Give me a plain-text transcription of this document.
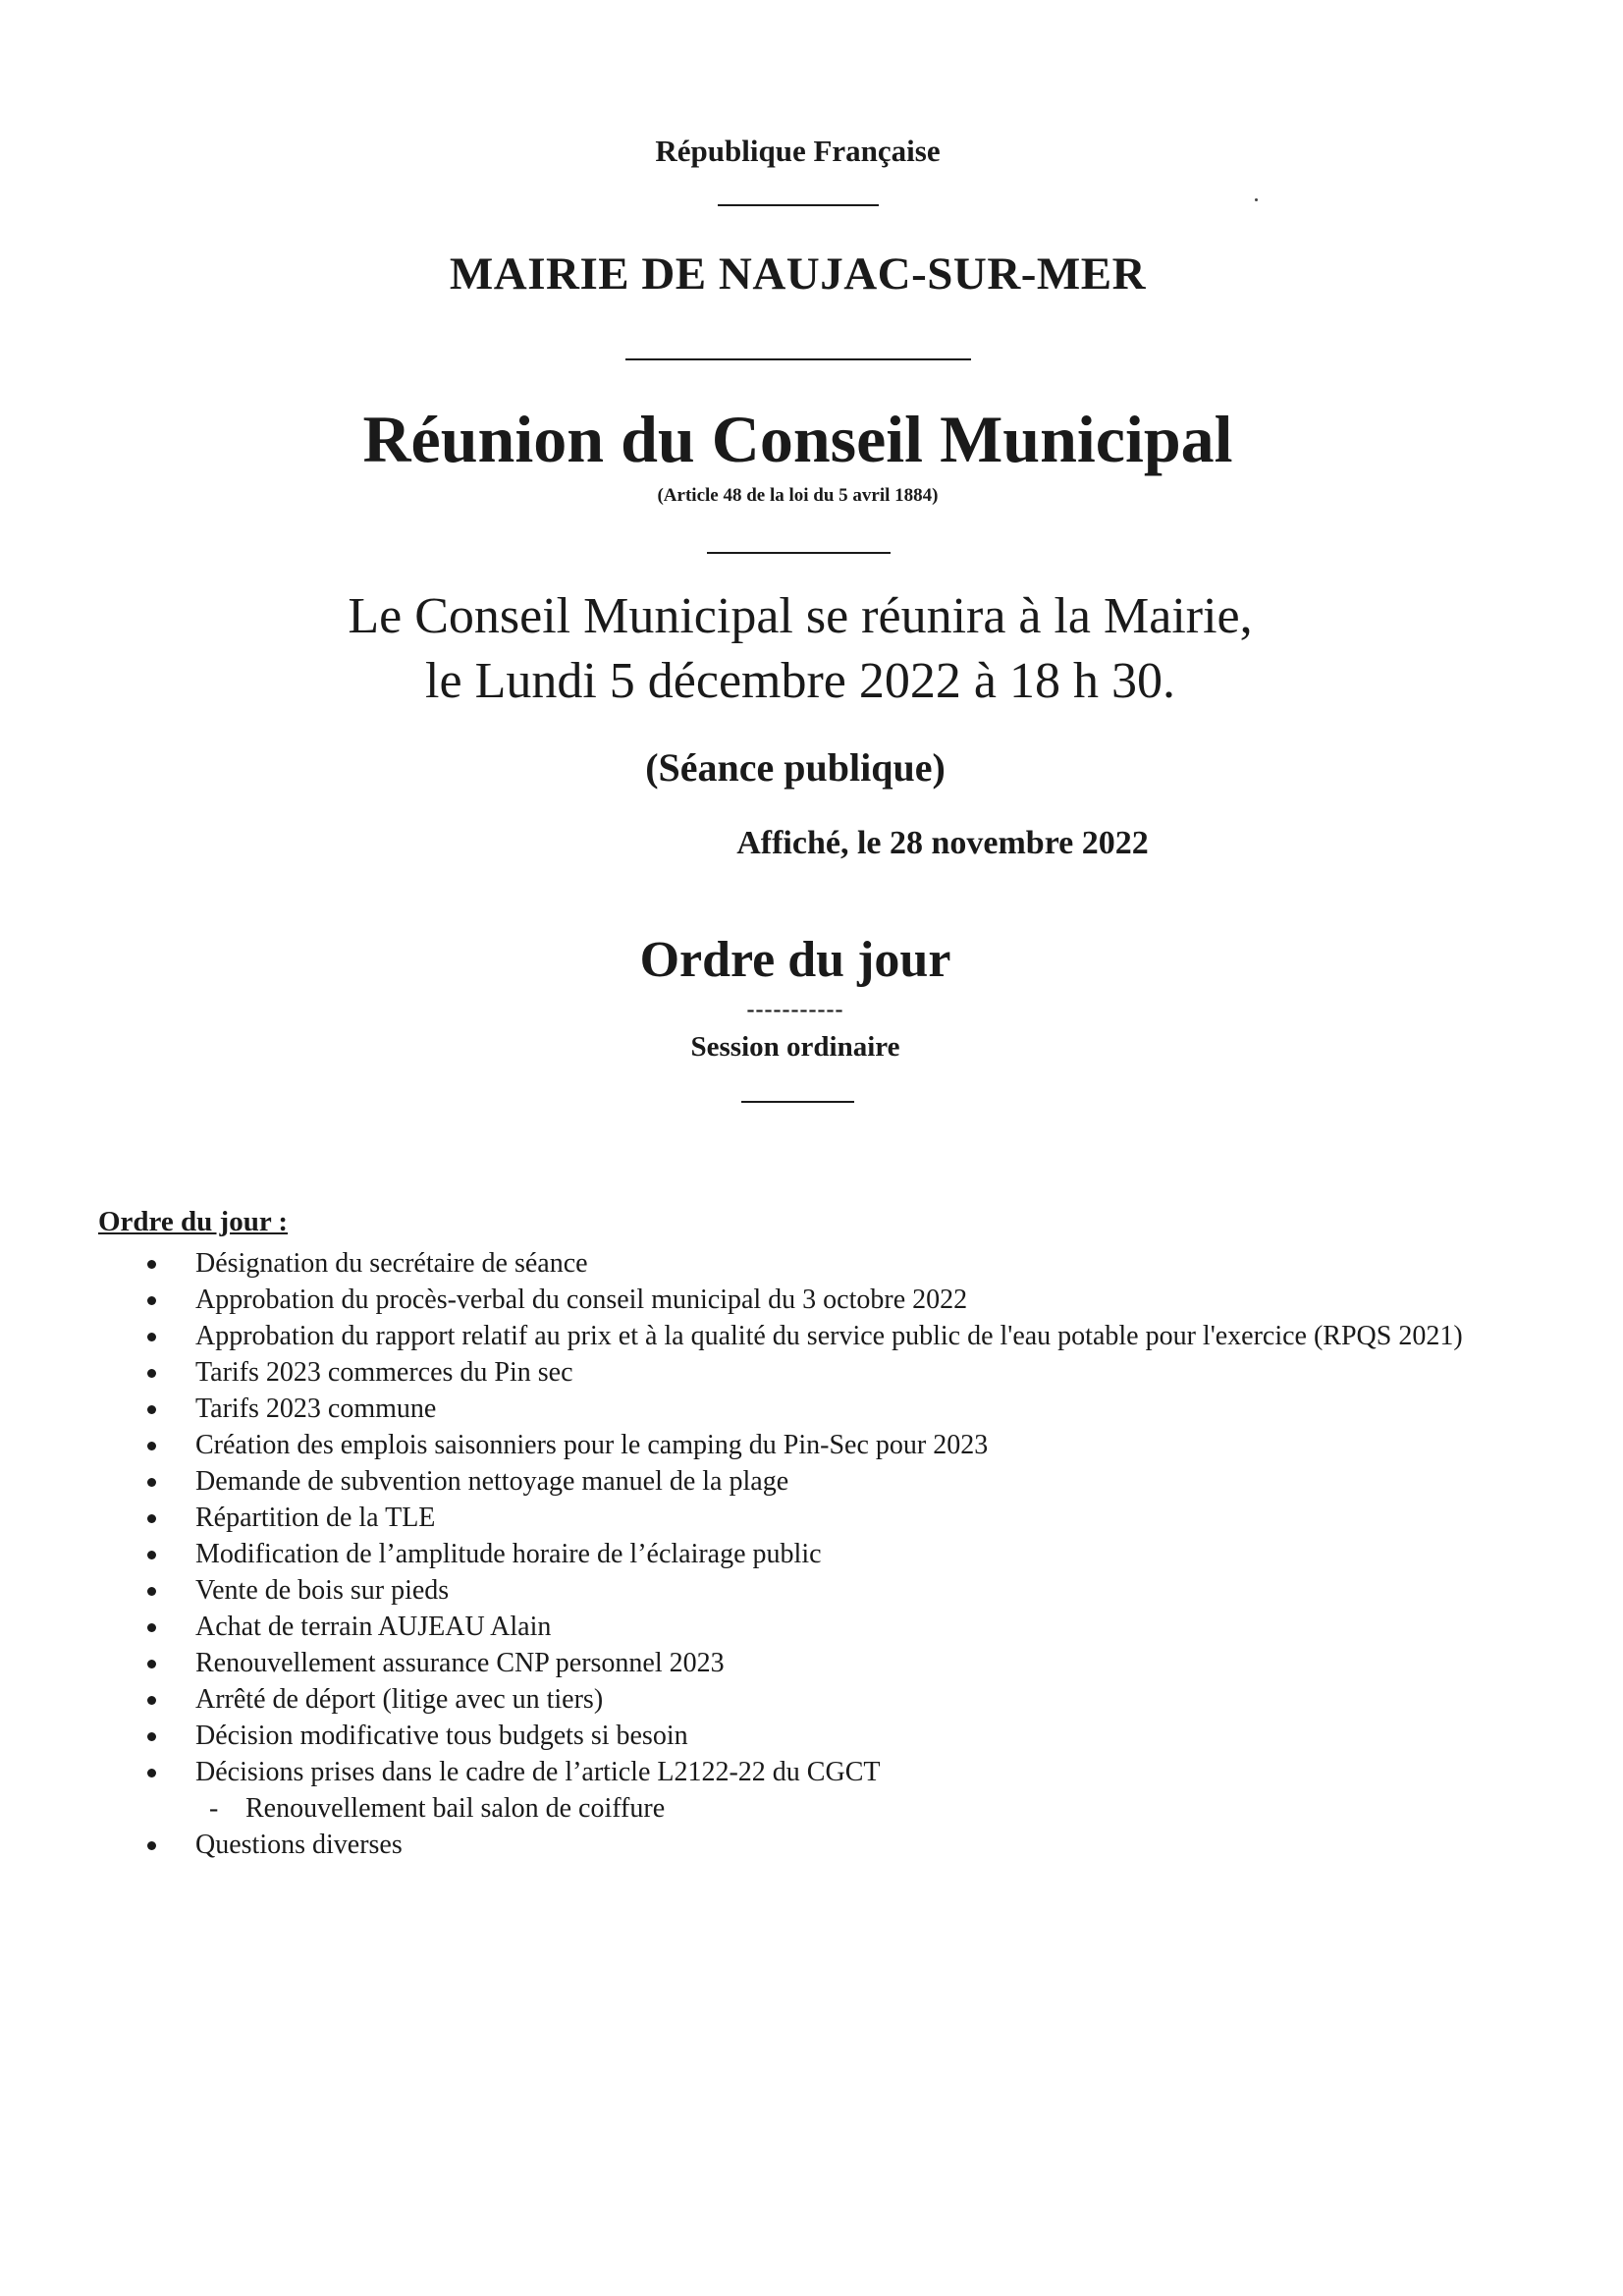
République Française
MAIRIE DE NAUJAC-SUR-MER
Réunion du Conseil Municipal
(Article 48 de la loi du 5 avril 1884)
Le Conseil Municipal se réunira à la Mairie,
le Lundi 5 décembre 2022 à 18 h 30.
(Séance publique)
Affiché, le 28 novembre 2022
Ordre du jour
-----------
Session ordinaire
Ordre du jour :
Désignation du secrétaire de séance
Approbation du procès-verbal du conseil municipal du 3 octobre 2022
Approbation du rapport relatif au prix et à la qualité du service public de l'eau potable pour l'exercice (RPQS 2021)
Tarifs 2023 commerces du Pin sec
Tarifs 2023 commune
Création des emplois saisonniers pour le camping du Pin-Sec pour 2023
Demande de subvention nettoyage manuel de la plage
Répartition de la TLE
Modification de l’amplitude horaire de l’éclairage public
Vente de bois sur pieds
Achat de terrain AUJEAU Alain
Renouvellement assurance CNP personnel 2023
Arrêté de déport (litige avec un tiers)
Décision modificative tous budgets si besoin
Décisions prises dans le cadre de l’article L2122-22 du CGCT
- Renouvellement bail salon de coiffure
Questions diverses
